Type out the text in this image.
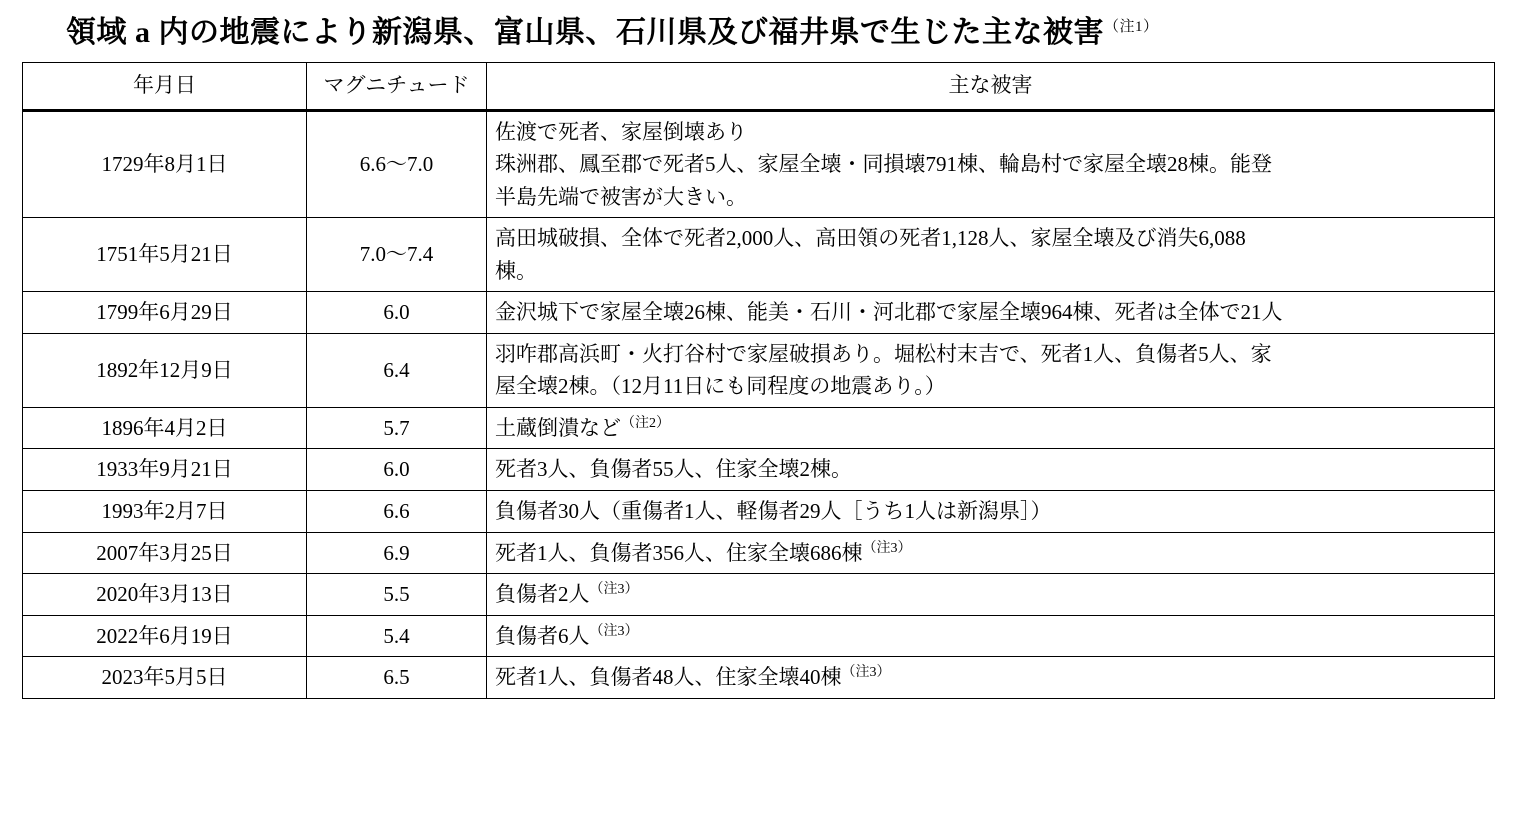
領域 a 内の地震により新潟県、富山県、石川県及び福井県で生じた主な被害$^{(注1)}$
年月日	マグニチュード	主な被害
1729年8月1日	6.6～7.0	佐渡で死者、家屋倒壊あり
珠洲郡、鳳至郡で死者5人、家屋全壊・同損壊791棟、輪島村で家屋全壊28棟。能登
半島先端で被害が大きい。

1751年5月21日	7.0～7.4	高田城破損、全体で死者2,000人、高田領の死者1,128人、家屋全壊及び消失6,088
棟。

1799年6月29日	6.0	金沢城下で家屋全壊26棟、能美・石川・河北郡で家屋全壊964棟、死者は全体で21人

1892年12月9日	6.4	羽咋郡高浜町・火打谷村で家屋破損あり。堀松村末吉で、死者1人、負傷者5人、家
屋全壊2棟。（12月11日にも同程度の地震あり。）

1896年4月2日	5.7	土蔵倒潰など$^{(注2)}$

1933年9月21日	6.0	死者3人、負傷者55人、住家全壊2棟。

1993年2月7日	6.6	負傷者30人（重傷者1人、軽傷者29人［うち1人は新潟県］）

2007年3月25日	6.9	死者1人、負傷者356人、住家全壊686棟$^{(注3)}$

2020年3月13日	5.5	負傷者2人$^{(注3)}$

2022年6月19日	5.4	負傷者6人$^{(注3)}$

2023年5月5日	6.5	死者1人、負傷者48人、住家全壊40棟$^{(注3)}$
